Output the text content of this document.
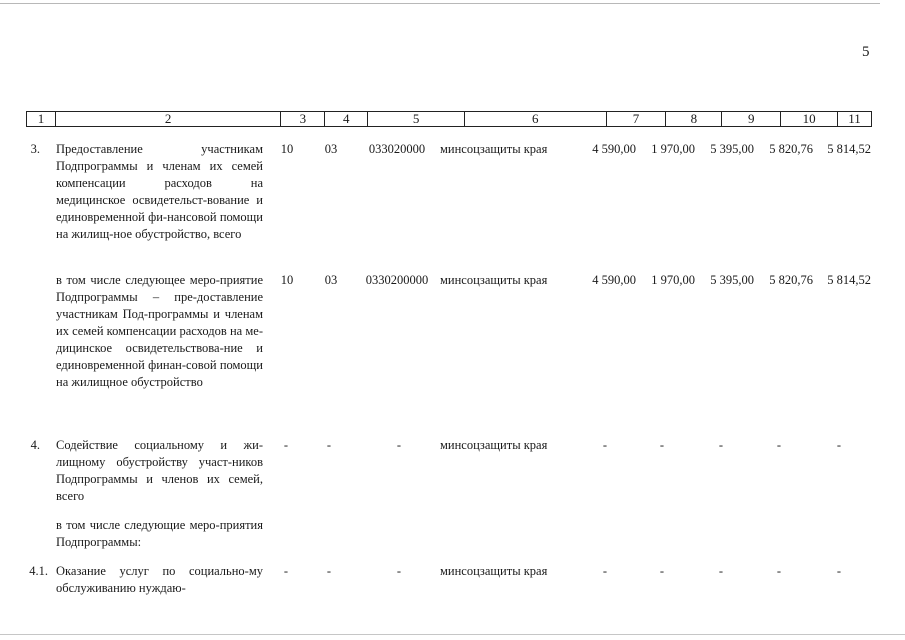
5
1	2	3	4	5	6	7	8	9	10	11
3. Предоставление участникам Подпрограммы и членам их семей компенсации расходов на медицинское освидетельст-вование и единовременной фи-нансовой помощи на жилищ-ное обустройство, всего
10	03	033020000	минсоцзащиты края	4 590,00	1 970,00	5 395,00	5 820,76	5 814,52
в том числе следующее меро-приятие Подпрограммы – пре-доставление участникам Под-программы и членам их семей компенсации расходов на ме-дицинское освидетельствова-ние и единовременной финан-совой помощи на жилищное обустройство
10	03	0330200000 минсоцзащиты края	4 590,00	1 970,00	5 395,00	5 820,76	5 814,52
4. Содействие социальному и жи-лищному обустройству участ-ников Подпрограммы и членов их семей, всего
-	-	-	минсоцзащиты края	-	-	-	-	-
в том числе следующие меро-приятия Подпрограммы:
4.1. Оказание услуг по социально-му обслуживанию нуждаю-
-	-	-	минсоцзащиты края	-	-	-	-	-
